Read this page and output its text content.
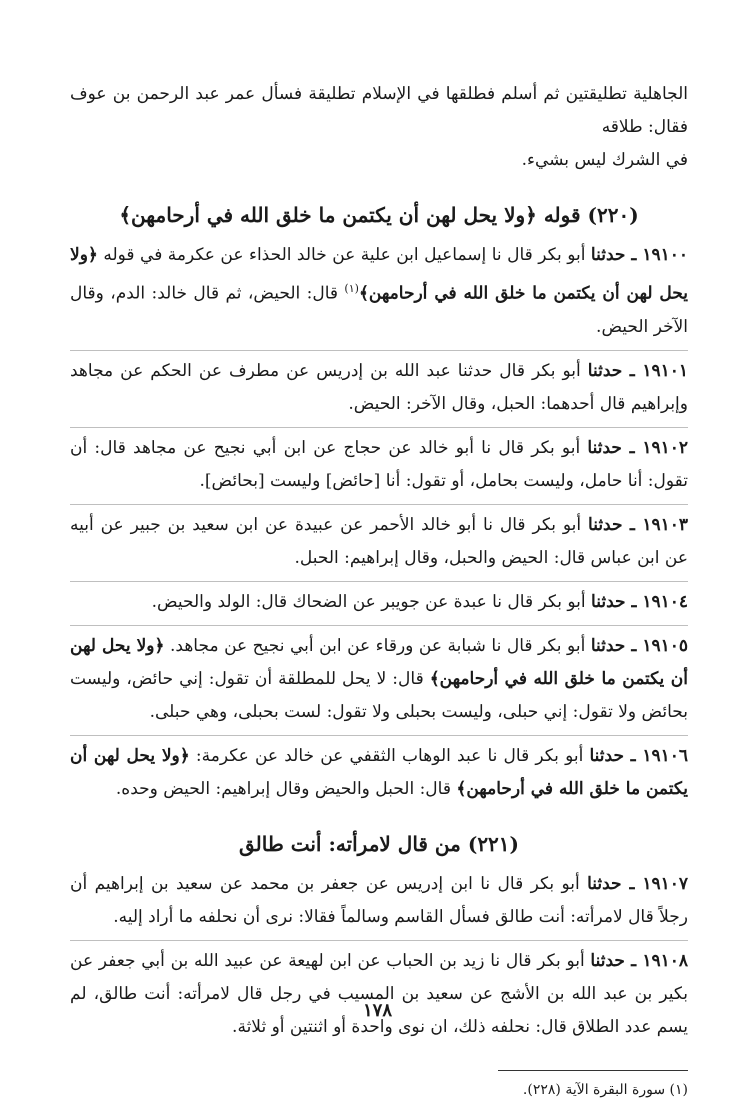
الجاهلية تطليقتين ثم أسلم فطلقها في الإسلام تطليقة فسأل عمر عبد الرحمن بن عوف فقال: طلاقه

في الشرك ليس بشيء.

(٢٢٠) قوله ﴿ولا يحل لهن أن يكتمن ما خلق الله في أرحامهن﴾

١٩١٠٠ ـ حدثنا أبو بكر قال نا إسماعيل ابن علية عن خالد الحذاء عن عكرمة في قوله ﴿ولا يحل لهن أن يكتمن ما خلق الله في أرحامهن﴾$^{(١)}$ قال: الحيض، ثم قال خالد: الدم، وقال الآخر الحيض.

١٩١٠١ ـ حدثنا أبو بكر قال حدثنا عبد الله بن إدريس عن مطرف عن الحكم عن مجاهد وإبراهيم قال أحدهما: الحبل، وقال الآخر: الحيض.

١٩١٠٢ ـ حدثنا أبو بكر قال نا أبو خالد عن حجاج عن ابن أبي نجيح عن مجاهد قال: أن تقول: أنا حامل، وليست بحامل، أو تقول: أنا [حائض] وليست [بحائض].

١٩١٠٣ ـ حدثنا أبو بكر قال نا أبو خالد الأحمر عن عبيدة عن ابن سعيد بن جبير عن أبيه عن ابن عباس قال: الحيض والحبل، وقال إبراهيم: الحبل.

١٩١٠٤ ـ حدثنا أبو بكر قال نا عبدة عن جويبر عن الضحاك قال: الولد والحيض.

١٩١٠٥ ـ حدثنا أبو بكر قال نا شبابة عن ورقاء عن ابن أبي نجيح عن مجاهد. ﴿ولا يحل لهن أن يكتمن ما خلق الله في أرحامهن﴾ قال: لا يحل للمطلقة أن تقول: إني حائض، وليست بحائض ولا تقول: إني حبلى، وليست بحبلى ولا تقول: لست بحبلى، وهي حبلى.

١٩١٠٦ ـ حدثنا أبو بكر قال نا عبد الوهاب الثقفي عن خالد عن عكرمة: ﴿ولا يحل لهن أن يكتمن ما خلق الله في أرحامهن﴾ قال: الحبل والحيض وقال إبراهيم: الحيض وحده.

(٢٢١) من قال لامرأته: أنت طالق

١٩١٠٧ ـ حدثنا أبو بكر قال نا ابن إدريس عن جعفر بن محمد عن سعيد بن إبراهيم أن رجلاً قال لامرأته: أنت طالق فسأل القاسم وسالماً فقالا: نرى أن نحلفه ما أراد إليه.

١٩١٠٨ ـ حدثنا أبو بكر قال نا زيد بن الحباب عن ابن لهيعة عن عبيد الله بن أبي جعفر عن بكير بن عبد الله بن الأشج عن سعيد بن المسيب في رجل قال لامرأته: أنت طالق، لم يسم عدد الطلاق قال: نحلفه ذلك، ان نوى واحدة أو اثنتين أو ثلاثة.

(١) سورة البقرة الآية (٢٢٨).
١٧٨
